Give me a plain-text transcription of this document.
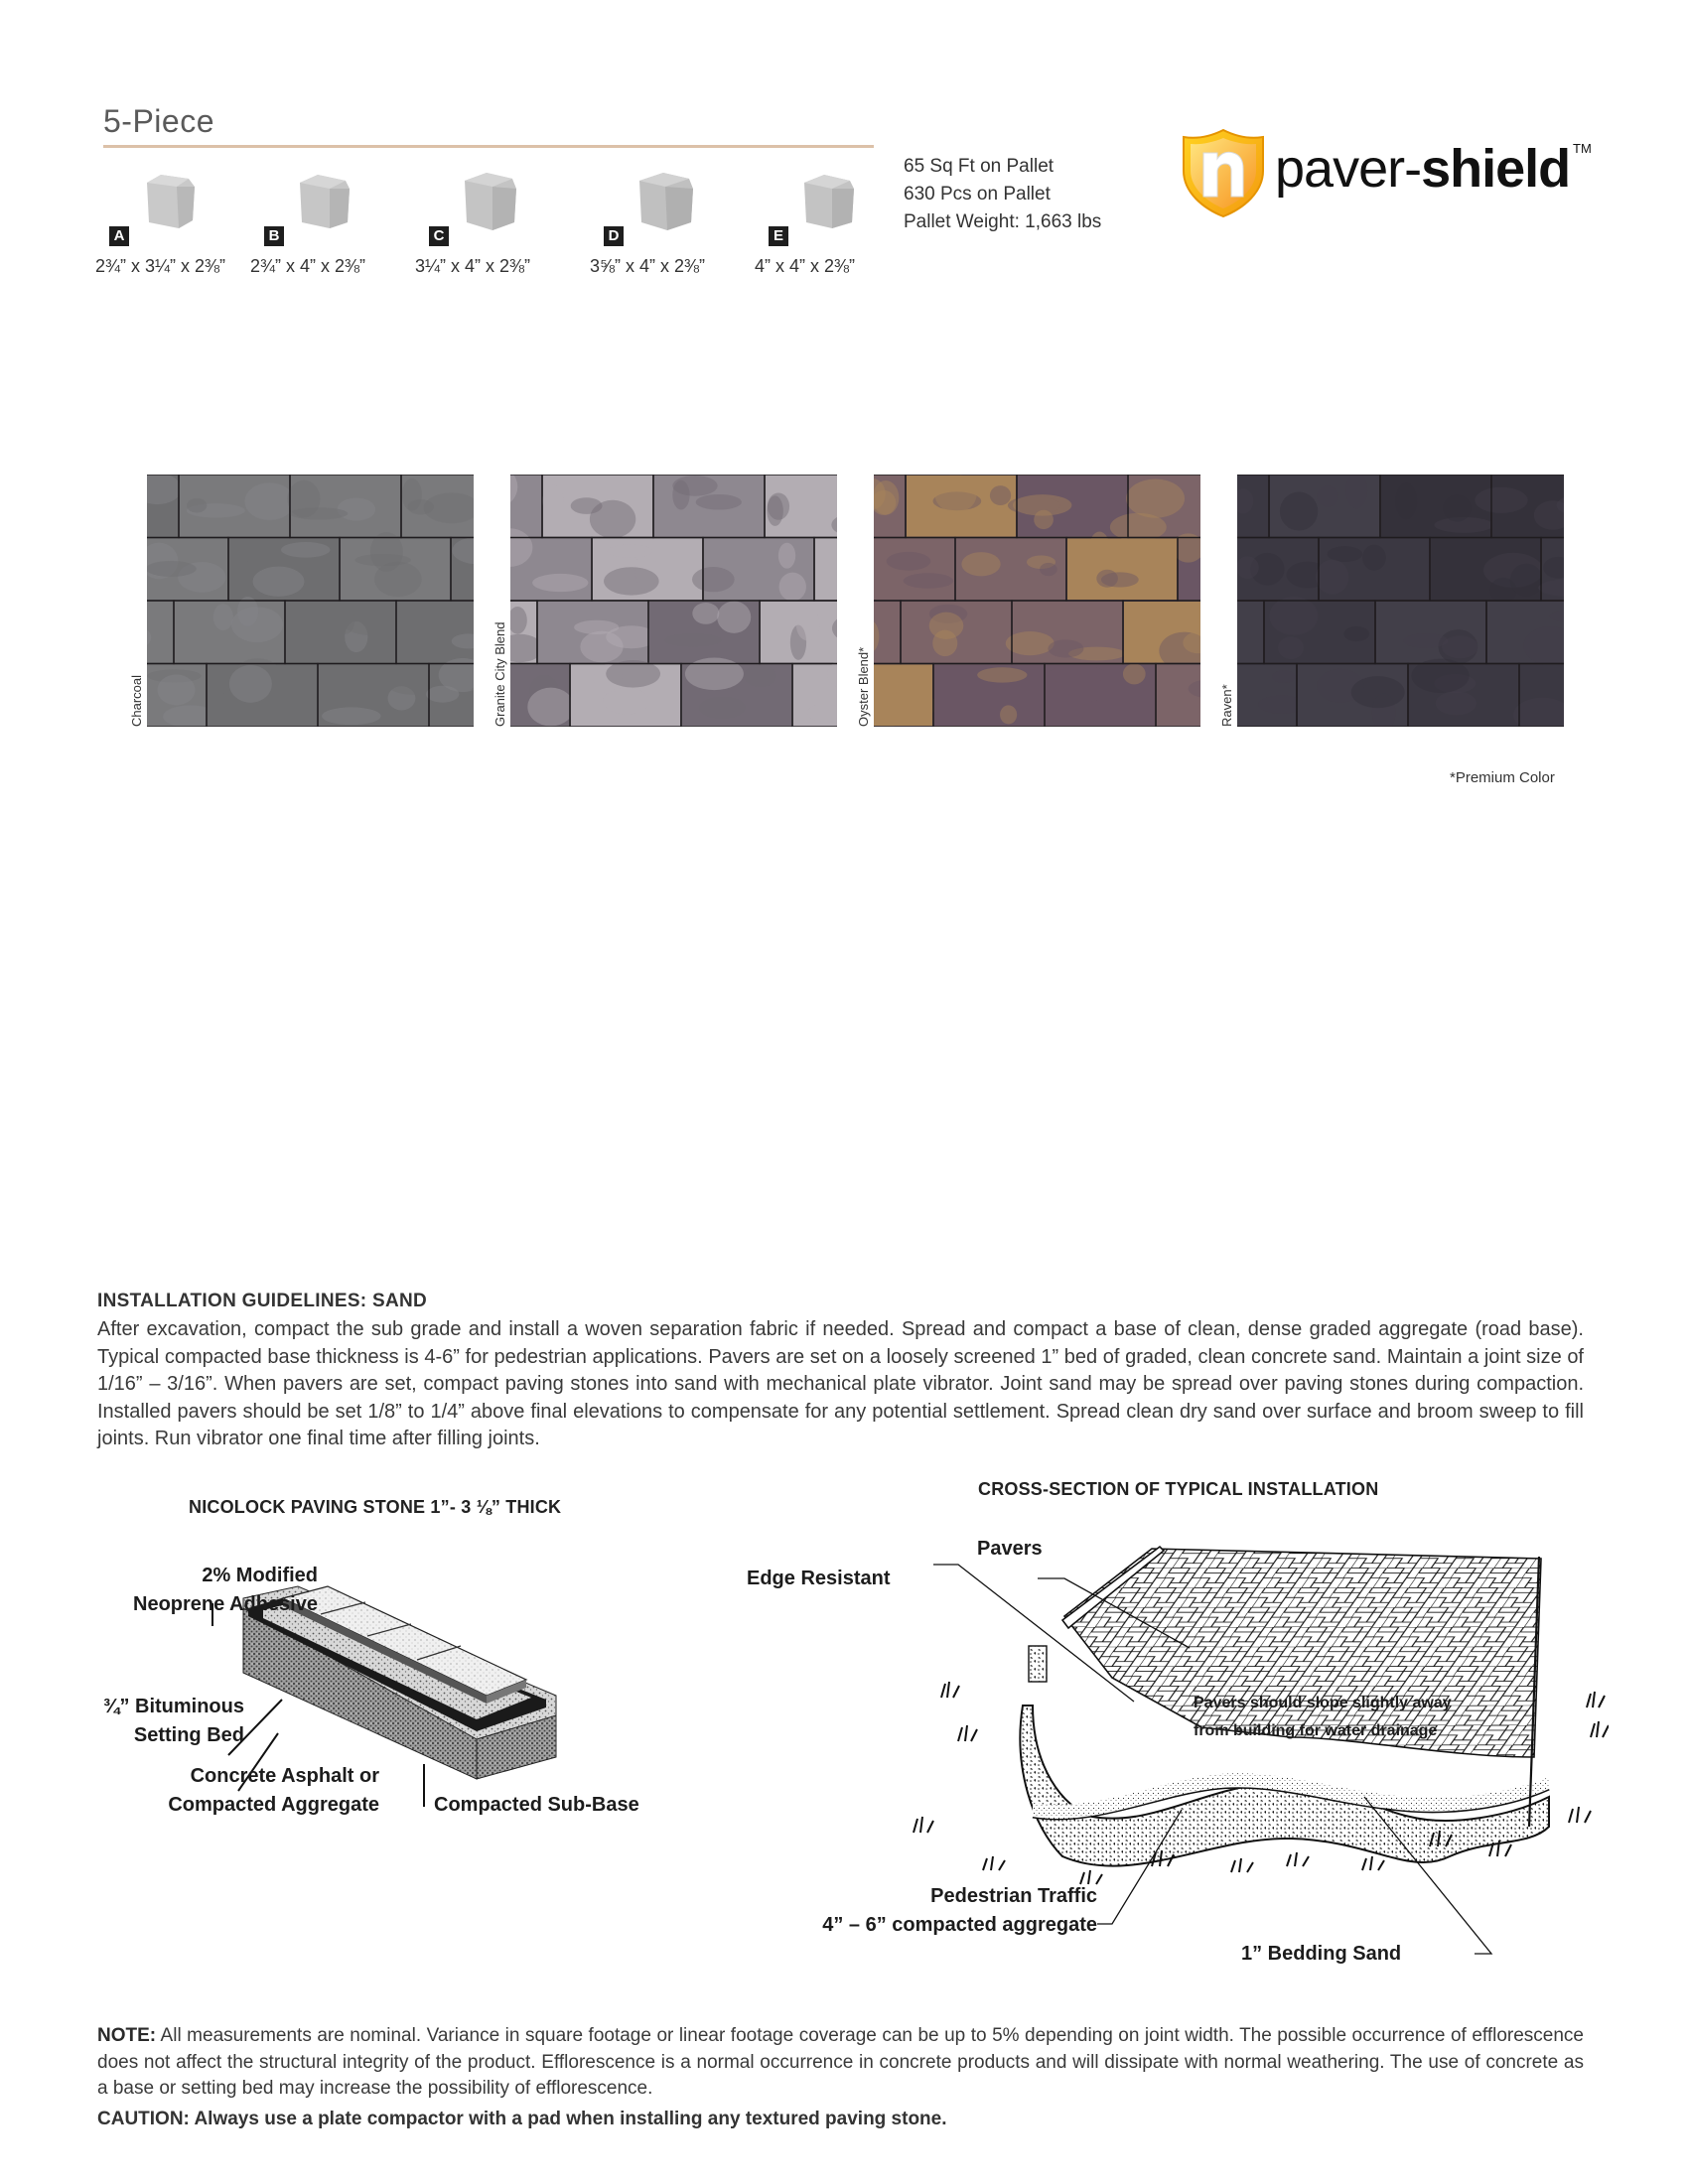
5-Piece
A
2¾” x 3¼” x 2⅜”
B
2¾” x 4” x 2⅜”
C
3¼” x 4” x 2⅜”
D
3⅝” x 4” x 2⅜”
E
4” x 4” x 2⅜”
65 Sq Ft on Pallet
630 Pcs on Pallet
Pallet Weight: 1,663 lbs
paver-shield TM
Charcoal	Granite City Blend	Oyster Blend*	Raven*
*Premium Color
INSTALLATION GUIDELINES: SAND
After excavation, compact the sub grade and install a woven separation fabric if needed. Spread and compact a base of clean, dense graded aggregate (road base). Typical compacted base thickness is 4-6” for pedestrian applications. Pavers are set on a loosely screened 1” bed of graded, clean concrete sand. Maintain a joint size of 1/16” – 3/16”. When pavers are set, compact paving stones into sand with mechanical plate vibrator. Joint sand may be spread over paving stones during compaction. Installed pavers should be set 1/8” to 1/4” above final elevations to compensate for any potential settlement. Spread clean dry sand over surface and broom sweep to fill joints. Run vibrator one final time after filling joints.
NICOLOCK PAVING STONE 1”- 3 ⅛” THICK
2% Modified
Neoprene Adhesive
¾” Bituminous
Setting Bed
Concrete Asphalt or
Compacted Aggregate	Compacted Sub-Base
CROSS-SECTION OF TYPICAL INSTALLATION
Pavers
Edge Resistant
Pavers should slope slightly away
from building for water drainage
Pedestrian Traffic
4” – 6” compacted aggregate
1” Bedding Sand
NOTE: All measurements are nominal. Variance in square footage or linear footage coverage can be up to 5% depending on joint width. The possible occurrence of efflorescence does not affect the structural integrity of the product. Efflorescence is a normal occurrence in concrete products and will dissipate with normal weathering. The use of concrete as a base or setting bed may increase the possibility of efflorescence.
CAUTION: Always use a plate compactor with a pad when installing any textured paving stone.
